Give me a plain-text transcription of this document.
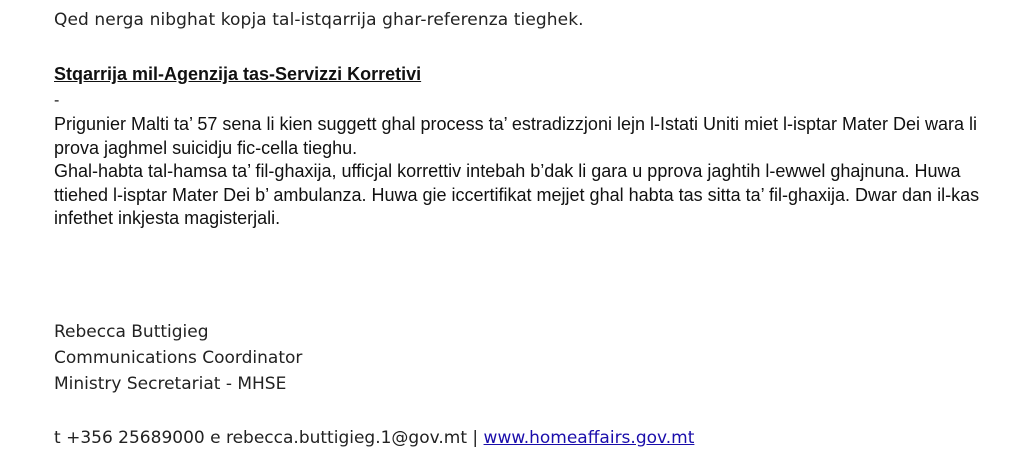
Qed nerga nibghat kopja tal-istqarrija ghar-referenza tieghek.
Stqarrija mil-Agenzija tas-Servizzi Korretivi
-

Prigunier Malti ta’ 57 sena li kien suggett ghal process ta’ estradizzjoni lejn l-Istati Uniti miet l-isptar Mater Dei wara li prova jaghmel suicidju fic-cella tieghu.

Ghal-habta tal-hamsa ta’ fil-ghaxija, ufficjal korrettiv intebah b’dak li gara u pprova jaghtih l-ewwel ghajnuna. Huwa ttiehed l-isptar Mater Dei b’ ambulanza. Huwa gie iccertifikat mejjet ghal habta tas sitta ta’ fil-ghaxija. Dwar dan il-kas infethet inkjesta magisterjali.

Rebecca Buttigieg
Communications Coordinator
Ministry Secretariat - MHSE
t +356 25689000 e rebecca.buttigieg.1@gov.mt | www.homeaffairs.gov.mt
